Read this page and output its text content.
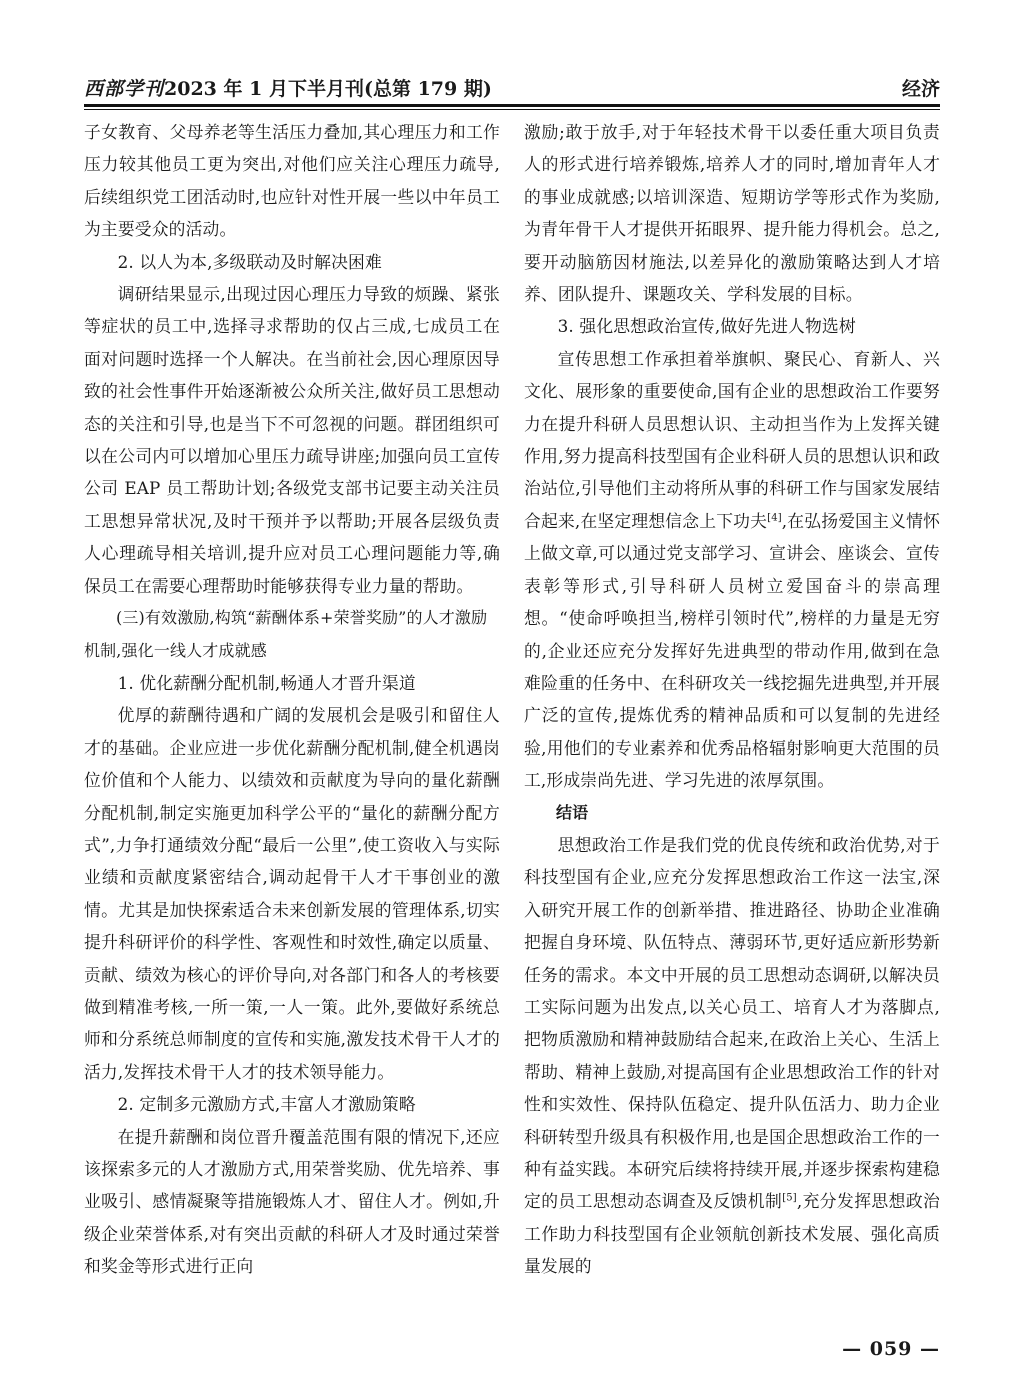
西部学刊2023 年 1 月下半月刊(总第 179 期)	经济

子女教育、父母养老等生活压力叠加,其心理压力和工作压力较其他员工更为突出,对他们应关注心理压力疏导,后续组织党工团活动时,也应针对性开展一些以中年员工为主要受众的活动。

2. 以人为本,多级联动及时解决困难

调研结果显示,出现过因心理压力导致的烦躁、紧张等症状的员工中,选择寻求帮助的仅占三成,七成员工在面对问题时选择一个人解决。在当前社会,因心理原因导致的社会性事件开始逐渐被公众所关注,做好员工思想动态的关注和引导,也是当下不可忽视的问题。群团组织可以在公司内可以增加心里压力疏导讲座;加强向员工宣传公司 EAP 员工帮助计划;各级党支部书记要主动关注员工思想异常状况,及时干预并予以帮助;开展各层级负责人心理疏导相关培训,提升应对员工心理问题能力等,确保员工在需要心理帮助时能够获得专业力量的帮助。

(三)有效激励,构筑“薪酬体系+荣誉奖励”的人才激励机制,强化一线人才成就感

1. 优化薪酬分配机制,畅通人才晋升渠道

优厚的薪酬待遇和广阔的发展机会是吸引和留住人才的基础。企业应进一步优化薪酬分配机制,健全机遇岗位价值和个人能力、以绩效和贡献度为导向的量化薪酬分配机制,制定实施更加科学公平的“量化的薪酬分配方式”,力争打通绩效分配“最后一公里”,使工资收入与实际业绩和贡献度紧密结合,调动起骨干人才干事创业的激情。尤其是加快探索适合未来创新发展的管理体系,切实提升科研评价的科学性、客观性和时效性,确定以质量、贡献、绩效为核心的评价导向,对各部门和各人的考核要做到精准考核,一所一策,一人一策。此外,要做好系统总师和分系统总师制度的宣传和实施,激发技术骨干人才的活力,发挥技术骨干人才的技术领导能力。

2. 定制多元激励方式,丰富人才激励策略

在提升薪酬和岗位晋升覆盖范围有限的情况下,还应该探索多元的人才激励方式,用荣誉奖励、优先培养、事业吸引、感情凝聚等措施锻炼人才、留住人才。例如,升级企业荣誉体系,对有突出贡献的科研人才及时通过荣誉和奖金等形式进行正向

激励;敢于放手,对于年轻技术骨干以委任重大项目负责人的形式进行培养锻炼,培养人才的同时,增加青年人才的事业成就感;以培训深造、短期访学等形式作为奖励,为青年骨干人才提供开拓眼界、提升能力得机会。总之,要开动脑筋因材施法,以差异化的激励策略达到人才培养、团队提升、课题攻关、学科发展的目标。

3. 强化思想政治宣传,做好先进人物选树

宣传思想工作承担着举旗帜、聚民心、育新人、兴文化、展形象的重要使命,国有企业的思想政治工作要努力在提升科研人员思想认识、主动担当作为上发挥关键作用,努力提高科技型国有企业科研人员的思想认识和政治站位,引导他们主动将所从事的科研工作与国家发展结合起来,在坚定理想信念上下功夫[4],在弘扬爱国主义情怀上做文章,可以通过党支部学习、宣讲会、座谈会、宣传表彰等形式,引导科研人员树立爱国奋斗的崇高理想。“使命呼唤担当,榜样引领时代”,榜样的力量是无穷的,企业还应充分发挥好先进典型的带动作用,做到在急难险重的任务中、在科研攻关一线挖掘先进典型,并开展广泛的宣传,提炼优秀的精神品质和可以复制的先进经验,用他们的专业素养和优秀品格辐射影响更大范围的员工,形成崇尚先进、学习先进的浓厚氛围。

结语

思想政治工作是我们党的优良传统和政治优势,对于科技型国有企业,应充分发挥思想政治工作这一法宝,深入研究开展工作的创新举措、推进路径、协助企业准确把握自身环境、队伍特点、薄弱环节,更好适应新形势新任务的需求。本文中开展的员工思想动态调研,以解决员工实际问题为出发点,以关心员工、培育人才为落脚点,把物质激励和精神鼓励结合起来,在政治上关心、生活上帮助、精神上鼓励,对提高国有企业思想政治工作的针对性和实效性、保持队伍稳定、提升队伍活力、助力企业科研转型升级具有积极作用,也是国企思想政治工作的一种有益实践。本研究后续将持续开展,并逐步探索构建稳定的员工思想动态调查及反馈机制[5],充分发挥思想政治工作助力科技型国有企业领航创新技术发展、强化高质量发展的

— 059 —
